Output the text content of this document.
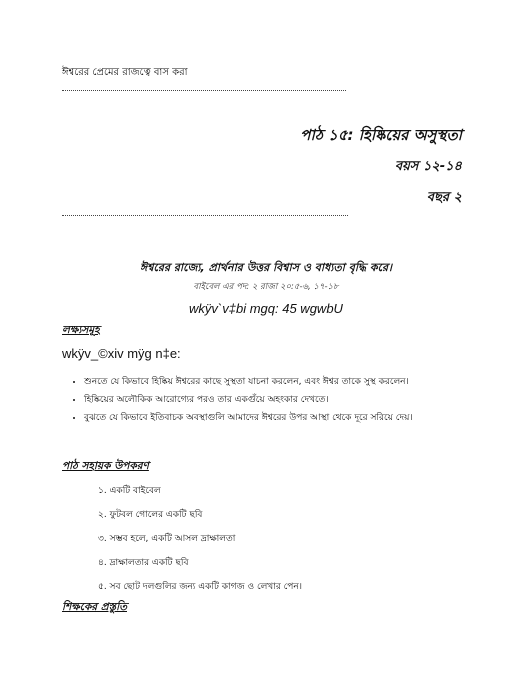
ঈশ্বরের প্রেমের রাজত্বে বাস করা
পাঠ ১৫: হিষ্কিয়ের অসুস্থতা
বয়স ১২-১৪
বছর ২
ঈশ্বরের রাজ্যে, প্রার্থনার উত্তর বিশ্বাস ও বাধ্যতা বৃদ্ধি করে।
বাইবেল এর পদ: ২ রাজা ২০:৫-৬, ১৭-১৮
wkÿv`v‡bi mgq: 45 wgwbU
লক্ষ্যসমূহ
wkÿv_©xiv mÿg n‡e:
• শুনতে যে কিভাবে হিষ্কিয় ঈশ্বরের কাছে সুস্থতা যাচনা করলেন, এবং ঈশ্বর তাকে সুস্থ করলেন।
• হিষ্কিয়ের অলৌকিক আরোগ্যের পরও তার একগুঁয়ে অহংকার দেখতে।
• বুঝতে যে কিভাবে ইতিবাচক অবস্থাগুলি আমাদের ঈশ্বরের উপর আস্থা থেকে দূরে সরিয়ে দেয়।
পাঠ সহায়ক উপকরণ
১. একটি বাইবেল
২. ফুটবল গোলের একটি ছবি
৩. সম্ভব হলে, একটি আসল দ্রাক্ষালতা
৪. দ্রাক্ষালতার একটি ছবি
৫. সব ছোট দলগুলির জন্য একটি কাগজ ও লেখার পেন।
শিক্ষকের প্রস্তুতি
